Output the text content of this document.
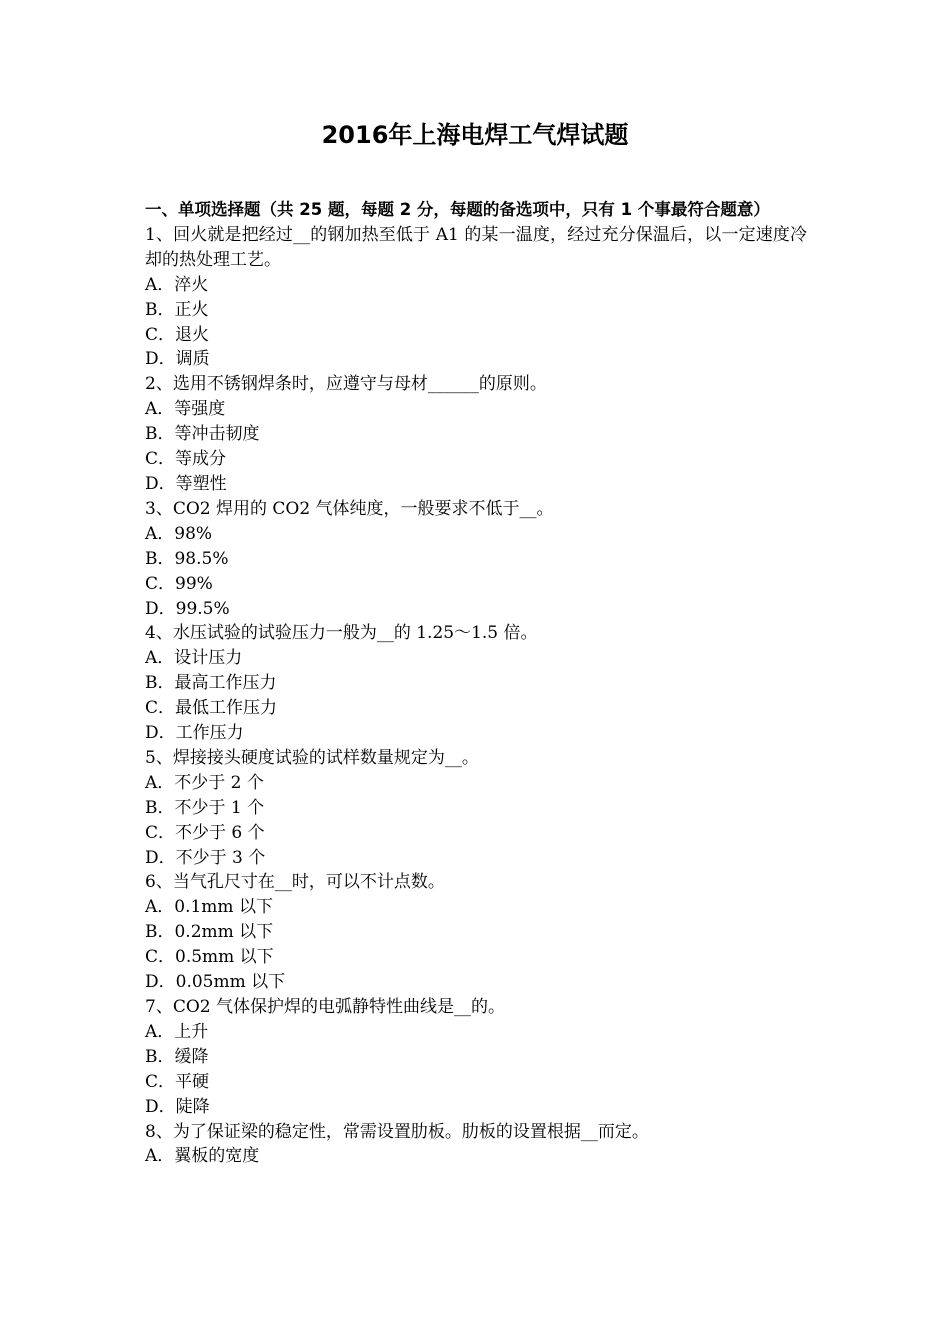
2016年上海电焊工气焊试题
一、单项选择题（共 25 题，每题 2 分，每题的备选项中，只有 1 个事最符合题意）
1、回火就是把经过__的钢加热至低于 A1 的某一温度，经过充分保温后，以一定速度冷却的热处理工艺。
A．淬火
B．正火
C．退火
D．调质
2、选用不锈钢焊条时，应遵守与母材______的原则。
A．等强度
B．等冲击韧度
C．等成分
D．等塑性
3、CO2 焊用的 CO2 气体纯度，一般要求不低于__。
A．98%
B．98.5%
C．99%
D．99.5%
4、水压试验的试验压力一般为__的 1.25～1.5 倍。
A．设计压力
B．最高工作压力
C．最低工作压力
D．工作压力
5、焊接接头硬度试验的试样数量规定为__。
A．不少于 2 个
B．不少于 1 个
C．不少于 6 个
D．不少于 3 个
6、当气孔尺寸在__时，可以不计点数。
A．0.1mm 以下
B．0.2mm 以下
C．0.5mm 以下
D．0.05mm 以下
7、CO2 气体保护焊的电弧静特性曲线是__的。
A．上升
B．缓降
C．平硬
D．陡降
8、为了保证梁的稳定性，常需设置肋板。肋板的设置根据__而定。
A．翼板的宽度
